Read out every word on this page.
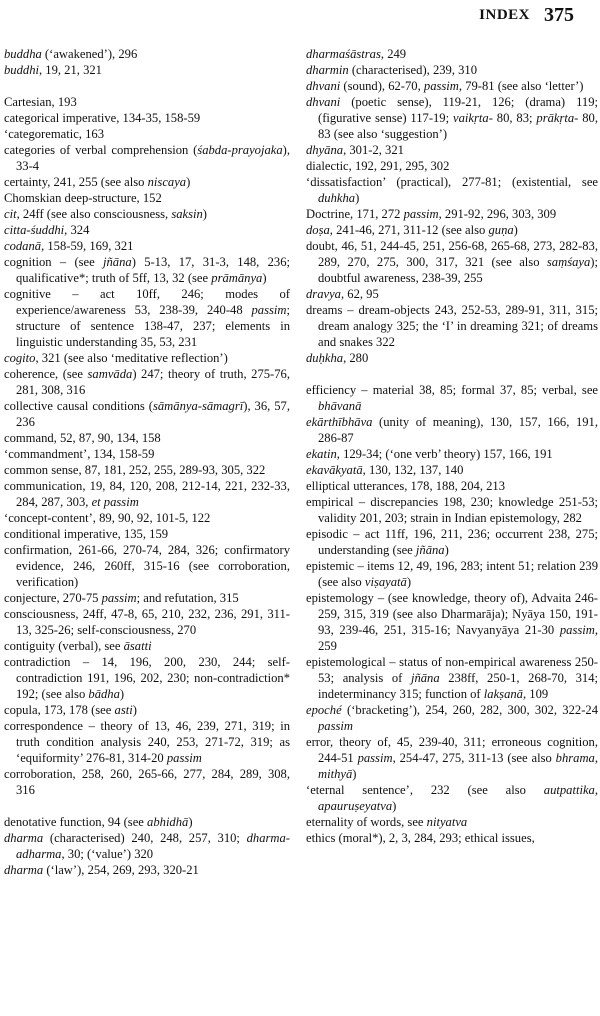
INDEX 375
buddha (‘awakened’), 296
buddhi, 19, 21, 321
Cartesian, 193
categorical imperative, 134-35, 158-59
‘categorematic, 163
categories of verbal comprehension (śabda-prayojaka), 33-4
certainty, 241, 255 (see also niscaya)
Chomskian deep-structure, 152
cit, 24ff (see also consciousness, saksin)
citta-śuddhi, 324
codanā, 158-59, 169, 321
cognition – (see jñāna) 5-13, 17, 31-3, 148, 236; qualificative*; truth of 5ff, 13, 32 (see prāmānya)
cognitive – act 10ff, 246; modes of experience/awareness 53, 238-39, 240-48 passim; structure of sentence 138-47, 237; elements in linguistic understanding 35, 53, 231
cogito, 321 (see also ‘meditative reflection’)
coherence, (see samvāda) 247; theory of truth, 275-76, 281, 308, 316
collective causal conditions (sāmānya-sāmagrī), 36, 57, 236
command, 52, 87, 90, 134, 158
‘commandment’, 134, 158-59
common sense, 87, 181, 252, 255, 289-93, 305, 322
communication, 19, 84, 120, 208, 212-14, 221, 232-33, 284, 287, 303, et passim
‘concept-content’, 89, 90, 92, 101-5, 122
conditional imperative, 135, 159
confirmation, 261-66, 270-74, 284, 326; confirmatory evidence, 246, 260ff, 315-16 (see corroboration, verification)
conjecture, 270-75 passim; and refutation, 315
consciousness, 24ff, 47-8, 65, 210, 232, 236, 291, 311-13, 325-26; self-consciousness, 270
contiguity (verbal), see āsatti
contradiction – 14, 196, 200, 230, 244; self-contradiction 191, 196, 202, 230; non-contradiction* 192; (see also bādha)
copula, 173, 178 (see asti)
correspondence – theory of 13, 46, 239, 271, 319; in truth condition analysis 240, 253, 271-72, 319; as ‘equiformity’ 276-81, 314-20 passim
corroboration, 258, 260, 265-66, 277, 284, 289, 308, 316
denotative function, 94 (see abhidhā)
dharma (characterised) 240, 248, 257, 310; dharma-adharma, 30; (‘value’) 320
dharma (‘law’), 254, 269, 293, 320-21
dharmaśāstras, 249
dharmin (characterised), 239, 310
dhvani (sound), 62-70, passim, 79-81 (see also ‘letter’)
dhvani (poetic sense), 119-21, 126; (drama) 119; (figurative sense) 117-19; vaikṛta- 80, 83; prākṛta- 80, 83 (see also ‘suggestion’)
dhyāna, 301-2, 321
dialectic, 192, 291, 295, 302
‘dissatisfaction’ (practical), 277-81; (existential, see duhkha)
Doctrine, 171, 272 passim, 291-92, 296, 303, 309
doṣa, 241-46, 271, 311-12 (see also guṇa)
doubt, 46, 51, 244-45, 251, 256-68, 265-68, 273, 282-83, 289, 270, 275, 300, 317, 321 (see also saṃśaya); doubtful awareness, 238-39, 255
dravya, 62, 95
dreams – dream-objects 243, 252-53, 289-91, 311, 315; dream analogy 325; the ‘I’ in dreaming 321; of dreams and snakes 322
duḥkha, 280
efficiency – material 38, 85; formal 37, 85; verbal, see bhāvanā
ekārthībhāva (unity of meaning), 130, 157, 166, 191, 286-87
ekatin, 129-34; (‘one verb’ theory) 157, 166, 191
ekavākyatā, 130, 132, 137, 140
elliptical utterances, 178, 188, 204, 213
empirical – discrepancies 198, 230; knowledge 251-53; validity 201, 203; strain in Indian epistemology, 282
episodic – act 11ff, 196, 211, 236; occurrent 238, 275; understanding (see jñāna)
epistemic – items 12, 49, 196, 283; intent 51; relation 239 (see also viṣayatā)
epistemology – (see knowledge, theory of), Advaita 246-259, 315, 319 (see also Dharmarāja); Nyāya 150, 191-93, 239-46, 251, 315-16; Navyanyāya 21-30 passim, 259
epistemological – status of non-empirical awareness 250-53; analysis of jñāna 238ff, 250-1, 268-70, 314; indeterminancy 315; function of lakṣanā, 109
epoché (‘bracketing’), 254, 260, 282, 300, 302, 322-24 passim
error, theory of, 45, 239-40, 311; erroneous cognition, 244-51 passim, 254-47, 275, 311-13 (see also bhrama, mithyā)
‘eternal sentence’, 232 (see also autpattika, apauruṣeyatva)
eternality of words, see nityatva
ethics (moral*), 2, 3, 284, 293; ethical issues,
